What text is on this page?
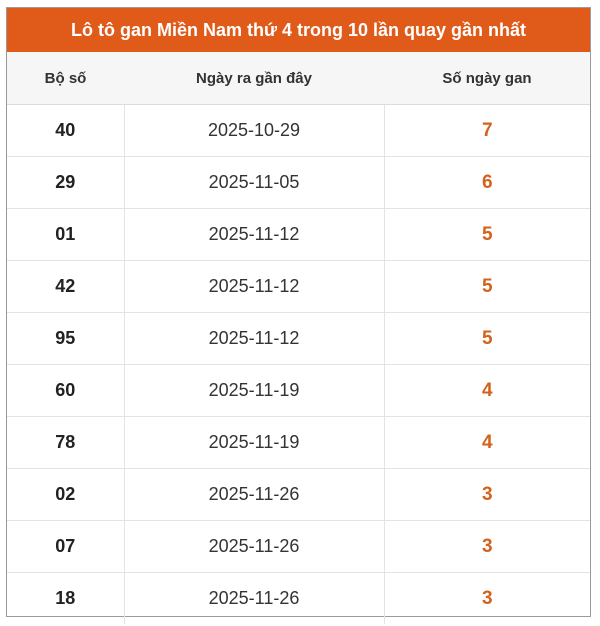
Lô tô gan Miền Nam thứ 4 trong 10 lần quay gần nhất
Bộ số	Ngày ra gần đây	Số ngày gan
40	2025-10-29	7
29	2025-11-05	6
01	2025-11-12	5
42	2025-11-12	5
95	2025-11-12	5
60	2025-11-19	4
78	2025-11-19	4
02	2025-11-26	3
07	2025-11-26	3
18	2025-11-26	3
